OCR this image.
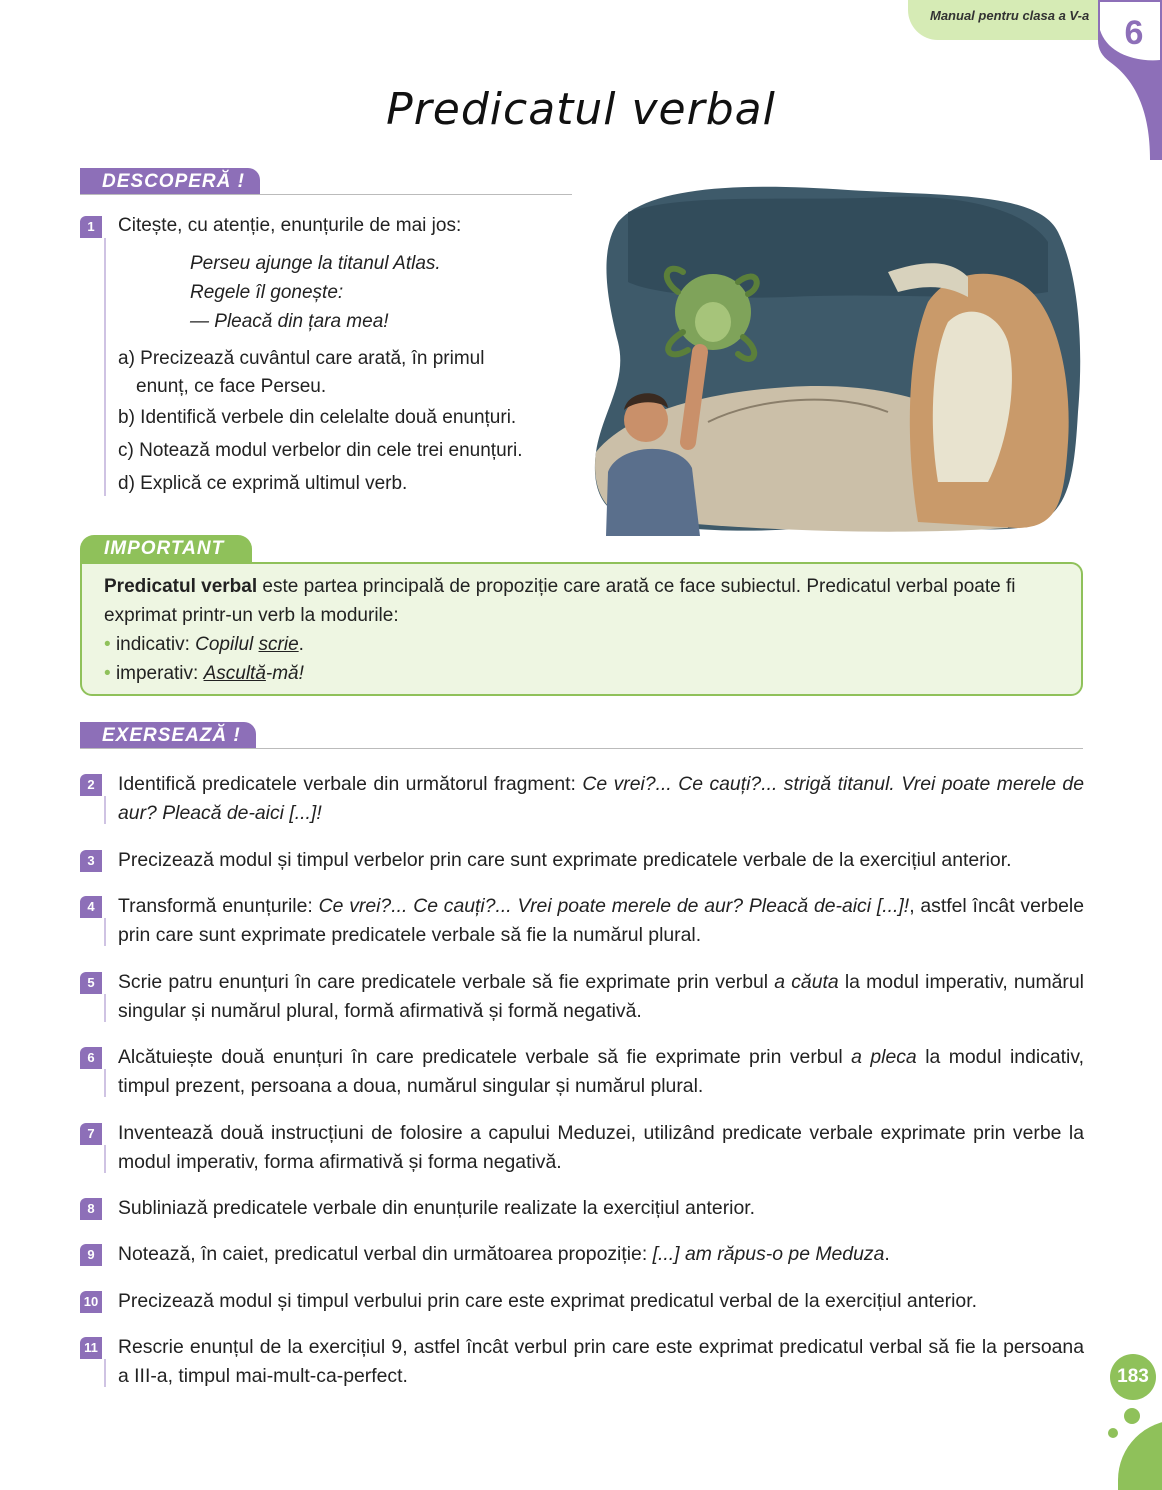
Manual pentru clasa a V-a 6
Predicatul verbal
DESCOPERĂ !
1	Citește, cu atenție, enunțurile de mai jos:
Perseu ajunge la titanul Atlas.
Regele îl gonește:
— Pleacă din țara mea!
a) Precizează cuvântul care arată, în primul
enunț, ce face Perseu.
b) Identifică verbele din celelalte două enunțuri.
c) Notează modul verbelor din cele trei enunțuri.
d) Explică ce exprimă ultimul verb.
IMPORTANT
Predicatul verbal este partea principală de propoziție care arată ce face subiectul. Predicatul verbal poate fi exprimat printr-un verb la modurile:
• indicativ: Copilul scrie.
• imperativ: Ascultă-mă!
EXERSEAZĂ !
2	Identifică predicatele verbale din următorul fragment: Ce vrei?... Ce cauți?... strigă titanul. Vrei poate merele de aur? Pleacă de-aici [...]!
3	Precizează modul și timpul verbelor prin care sunt exprimate predicatele verbale de la exercițiul anterior.
4	Transformă enunțurile: Ce vrei?... Ce cauți?... Vrei poate merele de aur? Pleacă de-aici [...]!, astfel încât verbele prin care sunt exprimate predicatele verbale să fie la numărul plural.
5	Scrie patru enunțuri în care predicatele verbale să fie exprimate prin verbul a căuta la modul imperativ, numărul singular și numărul plural, formă afirmativă și formă negativă.
6	Alcătuiește două enunțuri în care predicatele verbale să fie exprimate prin verbul a pleca la modul indicativ, timpul prezent, persoana a doua, numărul singular și numărul plural.
7	Inventează două instrucțiuni de folosire a capului Meduzei, utilizând predicate verbale exprimate prin verbe la modul imperativ, forma afirmativă și forma negativă.
8	Subliniază predicatele verbale din enunțurile realizate la exercițiul anterior.
9	Notează, în caiet, predicatul verbal din următoarea propoziție: [...] am răpus-o pe Meduza.
10 Precizează modul și timpul verbului prin care este exprimat predicatul verbal de la exercițiul anterior.
11 Rescrie enunțul de la exercițiul 9, astfel încât verbul prin care este exprimat predicatul verbal să fie la persoana a III-a, timpul mai-mult-ca-perfect.	183
